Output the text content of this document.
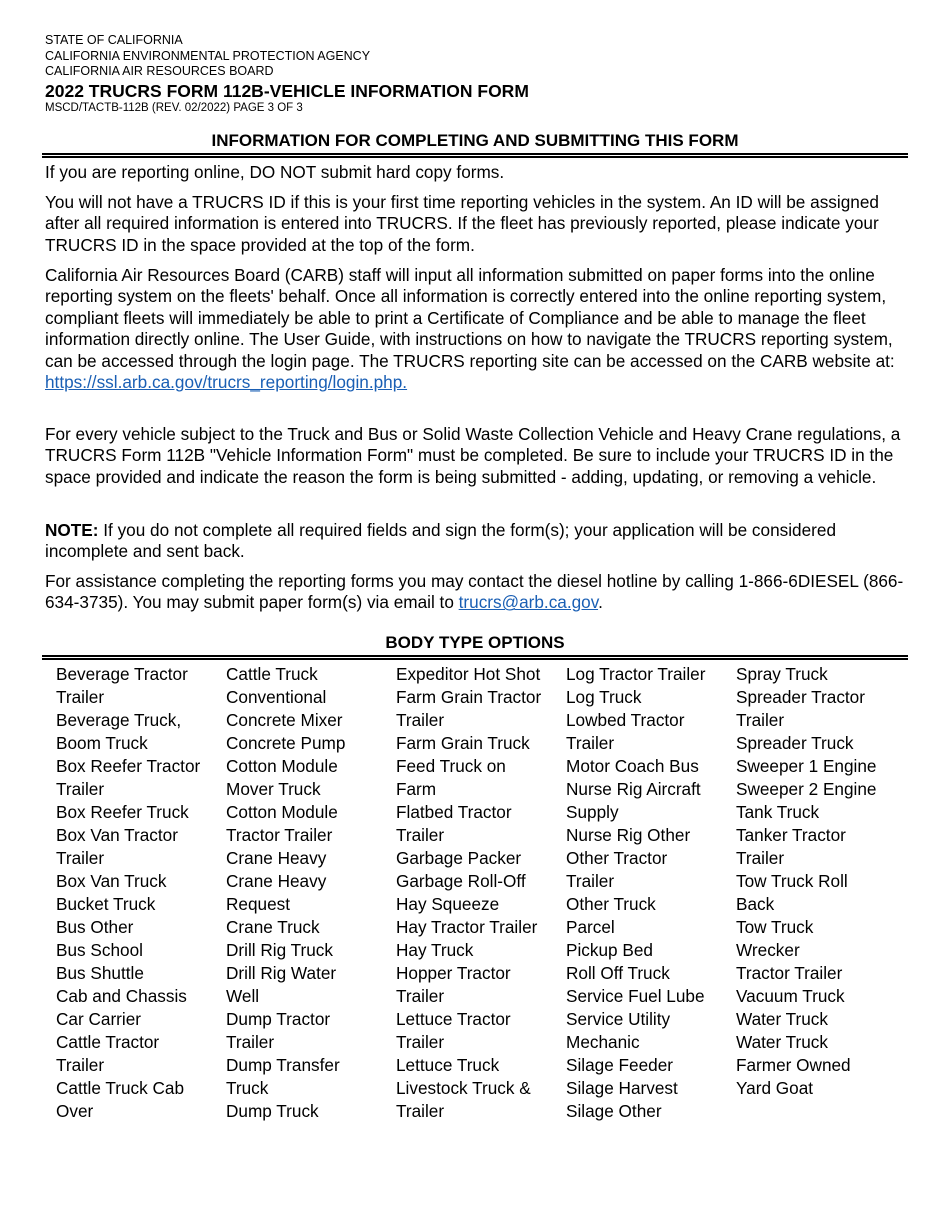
STATE OF CALIFORNIA
CALIFORNIA ENVIRONMENTAL PROTECTION AGENCY
CALIFORNIA AIR RESOURCES BOARD
2022 TRUCRS FORM 112B-VEHICLE INFORMATION FORM
MSCD/TACTB-112B (REV. 02/2022) PAGE 3 OF 3
INFORMATION FOR COMPLETING AND SUBMITTING THIS FORM

If you are reporting online, DO NOT submit hard copy forms.

You will not have a TRUCRS ID if this is your first time reporting vehicles in the system. An ID will be assigned after all required information is entered into TRUCRS. If the fleet has previously reported, please indicate your TRUCRS ID in the space provided at the top of the form.

California Air Resources Board (CARB) staff will input all information submitted on paper forms into the online reporting system on the fleets' behalf. Once all information is correctly entered into the online reporting system, compliant fleets will immediately be able to print a Certificate of Compliance and be able to manage the fleet information directly online. The User Guide, with instructions on how to navigate the TRUCRS reporting system, can be accessed through the login page. The TRUCRS reporting site can be accessed on the CARB website at:

https://ssl.arb.ca.gov/trucrs_reporting/login.php.

For every vehicle subject to the Truck and Bus or Solid Waste Collection Vehicle and Heavy Crane regulations, a TRUCRS Form 112B "Vehicle Information Form" must be completed. Be sure to include your TRUCRS ID in the space provided and indicate the reason the form is being submitted - adding, updating, or removing a vehicle.

NOTE: If you do not complete all required fields and sign the form(s); your application will be considered incomplete and sent back.

For assistance completing the reporting forms you may contact the diesel hotline by calling 1-866-6DIESEL (866-634-3735). You may submit paper form(s) via email to trucrs@arb.ca.gov.

BODY TYPE OPTIONS
Beverage Tractor
Trailer
Beverage Truck,
Boom Truck
Box Reefer Tractor
Trailer
Box Reefer Truck
Box Van Tractor
Trailer
Box Van Truck
Bucket Truck
Bus Other
Bus School
Bus Shuttle
Cab and Chassis
Car Carrier
Cattle Tractor
Trailer
Cattle Truck Cab
Over
Cattle Truck
Conventional
Concrete Mixer
Concrete Pump
Cotton Module
Mover Truck
Cotton Module
Tractor Trailer
Crane Heavy
Crane Heavy
Request
Crane Truck
Drill Rig Truck
Drill Rig Water
Well
Dump Tractor
Trailer
Dump Transfer
Truck
Dump Truck
Expeditor Hot Shot
Farm Grain Tractor
Trailer
Farm Grain Truck
Feed Truck on
Farm
Flatbed Tractor
Trailer
Garbage Packer
Garbage Roll-Off
Hay Squeeze
Hay Tractor Trailer
Hay Truck
Hopper Tractor
Trailer
Lettuce Tractor
Trailer
Lettuce Truck
Livestock Truck &
Trailer
Log Tractor Trailer
Log Truck
Lowbed Tractor
Trailer
Motor Coach Bus
Nurse Rig Aircraft
Supply
Nurse Rig Other
Other Tractor
Trailer
Other Truck
Parcel
Pickup Bed
Roll Off Truck
Service Fuel Lube
Service Utility
Mechanic
Silage Feeder
Silage Harvest
Silage Other
Spray Truck
Spreader Tractor
Trailer
Spreader Truck
Sweeper 1 Engine
Sweeper 2 Engine
Tank Truck
Tanker Tractor
Trailer
Tow Truck Roll
Back
Tow Truck
Wrecker
Tractor Trailer
Vacuum Truck
Water Truck
Water Truck
Farmer Owned
Yard Goat
